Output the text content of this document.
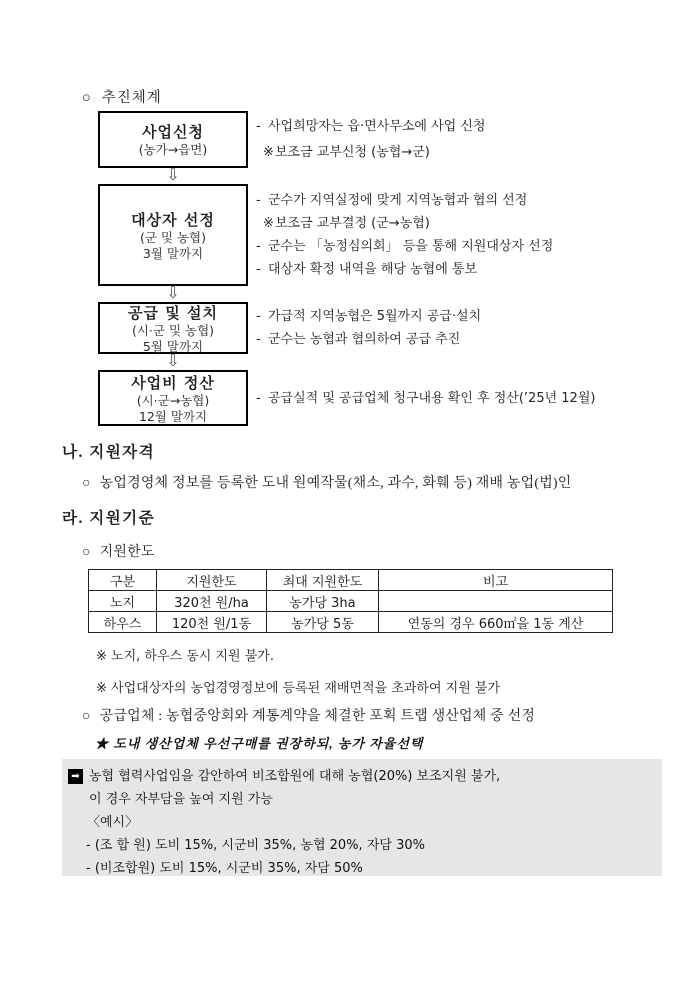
○ 추진체계
사업신청
(농가→읍면)
- 사업희망자는 읍·면사무소에 사업 신청
※보조금 교부신청 (농협→군)
⇩
대상자 선정
(군 및 농협)
3월 말까지
- 군수가 지역실정에 맞게 지역농협과 협의 선정
※보조금 교부결정 (군→농협)
- 군수는 「농정심의회」 등을 통해 지원대상자 선정
- 대상자 확정 내역을 해당 농협에 통보
⇩
공급 및 설치
(시·군 및 농협)
5월 말까지
- 가급적 지역농협은 5월까지 공급·설치
- 군수는 농협과 협의하여 공급 추진
⇩
사업비 정산
(시·군→농협)
12월 말까지
- 공급실적 및 공급업체 청구내용 확인 후 정산(’25년 12월)
나. 지원자격
○ 농업경영체 정보를 등록한 도내 원예작물(채소, 과수, 화훼 등) 재배 농업(법)인
라. 지원기준
○ 지원한도
구분	지원한도	최대 지원한도	비고
노지	320천 원/ha	농가당 3ha	
하우스	120천 원/1동	농가당 5동	연동의 경우 660㎡을 1동 계산
※ 노지, 하우스 동시 지원 불가.
※ 사업대상자의 농업경영정보에 등록된 재배면적을 초과하여 지원 불가
○ 공급업체 : 농협중앙회와 계통계약을 체결한 포획 트랩 생산업체 중 선정
★ 도내 생산업체 우선구매를 권장하되, 농가 자율선택
➡ 농협 협력사업임을 감안하여 비조합원에 대해 농협(20%) 보조지원 불가,
이 경우 자부담을 높여 지원 가능
〈예시〉
- (조 합 원) 도비 15%, 시군비 35%, 농협 20%, 자담 30%
- (비조합원) 도비 15%, 시군비 35%, 자담 50%
